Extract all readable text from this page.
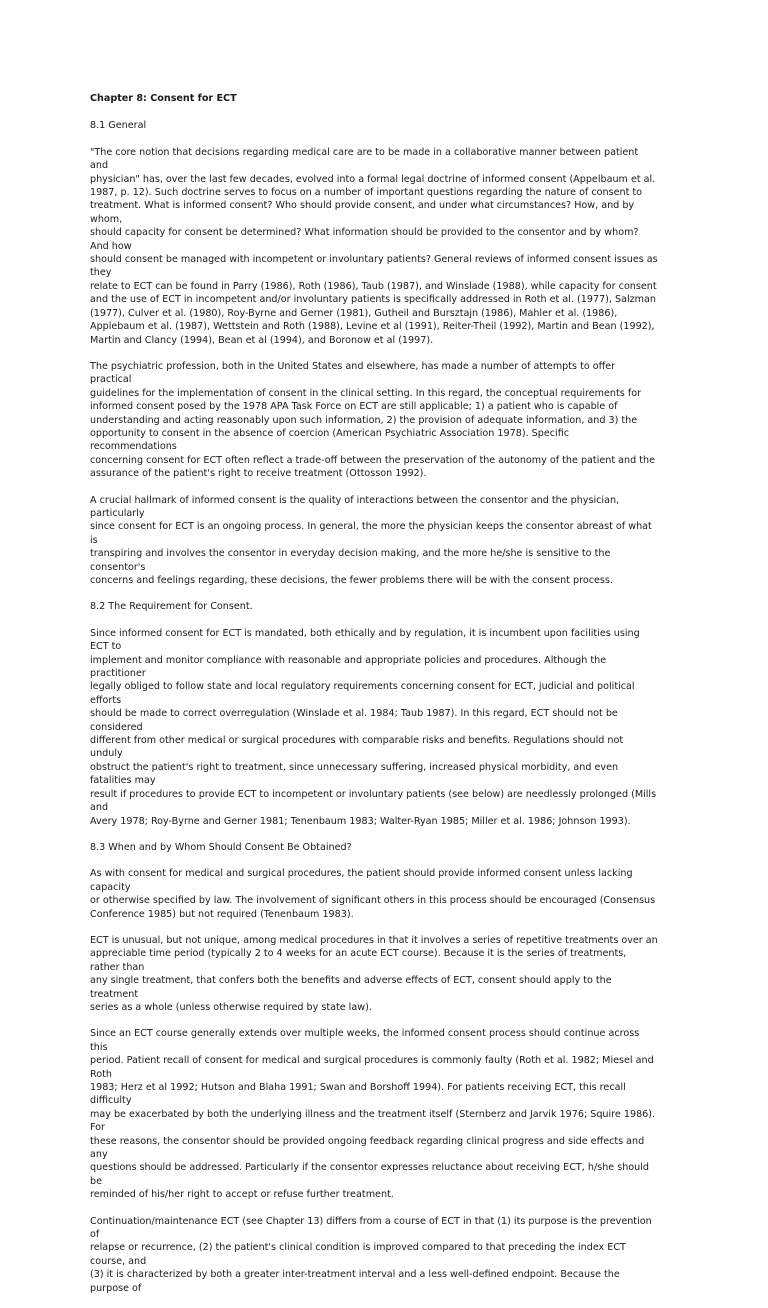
Chapter 8: Consent for ECT
8.1 General
"The core notion that decisions regarding medical care are to be made in a collaborative manner between patient and
physician" has, over the last few decades, evolved into a formal legal doctrine of informed consent (Appelbaum et al.
1987, p. 12). Such doctrine serves to focus on a number of important questions regarding the nature of consent to
treatment. What is informed consent? Who should provide consent, and under what circumstances? How, and by whom,
should capacity for consent be determined? What information should be provided to the consentor and by whom? And how
should consent be managed with incompetent or involuntary patients? General reviews of informed consent issues as they
relate to ECT can be found in Parry (1986), Roth (1986), Taub (1987), and Winslade (1988), while capacity for consent
and the use of ECT in incompetent and/or involuntary patients is specifically addressed in Roth et al. (1977), Salzman
(1977), Culver et al. (1980), Roy-Byrne and Gerner (1981), Gutheil and Bursztajn (1986), Mahler et al. (1986),
Applebaum et al. (1987), Wettstein and Roth (1988), Levine et al (1991), Reiter-Theil (1992), Martin and Bean (1992),
Martin and Clancy (1994), Bean et al (1994), and Boronow et al (1997).
The psychiatric profession, both in the United States and elsewhere, has made a number of attempts to offer practical
guidelines for the implementation of consent in the clinical setting. In this regard, the conceptual requirements for
informed consent posed by the 1978 APA Task Force on ECT are still applicable; 1) a patient who is capable of
understanding and acting reasonably upon such information, 2) the provision of adequate information, and 3) the
opportunity to consent in the absence of coercion (American Psychiatric Association 1978). Specific recommendations
concerning consent for ECT often reflect a trade-off between the preservation of the autonomy of the patient and the
assurance of the patient's right to receive treatment (Ottosson 1992).
A crucial hallmark of informed consent is the quality of interactions between the consentor and the physician, particularly
since consent for ECT is an ongoing process. In general, the more the physician keeps the consentor abreast of what is
transpiring and involves the consentor in everyday decision making, and the more he/she is sensitive to the consentor's
concerns and feelings regarding, these decisions, the fewer problems there will be with the consent process.
8.2 The Requirement for Consent.
Since informed consent for ECT is mandated, both ethically and by regulation, it is incumbent upon facilities using ECT to
implement and monitor compliance with reasonable and appropriate policies and procedures. Although the practitioner
legally obliged to follow state and local regulatory requirements concerning consent for ECT, judicial and political efforts
should be made to correct overregulation (Winslade et al. 1984; Taub 1987). In this regard, ECT should not be considered
different from other medical or surgical procedures with comparable risks and benefits. Regulations should not unduly
obstruct the patient's right to treatment, since unnecessary suffering, increased physical morbidity, and even fatalities may
result if procedures to provide ECT to incompetent or involuntary patients (see below) are needlessly prolonged (Mills and
Avery 1978; Roy-Byrne and Gerner 1981; Tenenbaum 1983; Walter-Ryan 1985; Miller et al. 1986; Johnson 1993).
8.3 When and by Whom Should Consent Be Obtained?
As with consent for medical and surgical procedures, the patient should provide informed consent unless lacking capacity
or otherwise specified by law. The involvement of significant others in this process should be encouraged (Consensus
Conference 1985) but not required (Tenenbaum 1983).
ECT is unusual, but not unique, among medical procedures in that it involves a series of repetitive treatments over an
appreciable time period (typically 2 to 4 weeks for an acute ECT course). Because it is the series of treatments, rather than
any single treatment, that confers both the benefits and adverse effects of ECT, consent should apply to the treatment
series as a whole (unless otherwise required by state law).
Since an ECT course generally extends over multiple weeks, the informed consent process should continue across this
period. Patient recall of consent for medical and surgical procedures is commonly faulty (Roth et al. 1982; Miesel and Roth
1983; Herz et al 1992; Hutson and Blaha 1991; Swan and Borshoff 1994). For patients receiving ECT, this recall difficulty
may be exacerbated by both the underlying illness and the treatment itself (Sternberz and Jarvik 1976; Squire 1986). For
these reasons, the consentor should be provided ongoing feedback regarding clinical progress and side effects and any
questions should be addressed. Particularly if the consentor expresses reluctance about receiving ECT, h/she should be
reminded of his/her right to accept or refuse further treatment.
Continuation/maintenance ECT (see Chapter 13) differs from a course of ECT in that (1) its purpose is the prevention of
relapse or recurrence, (2) the patient's clinical condition is improved compared to that preceding the index ECT course, and
(3) it is characterized by both a greater inter-treatment interval and a less well-defined endpoint. Because the purpose of
